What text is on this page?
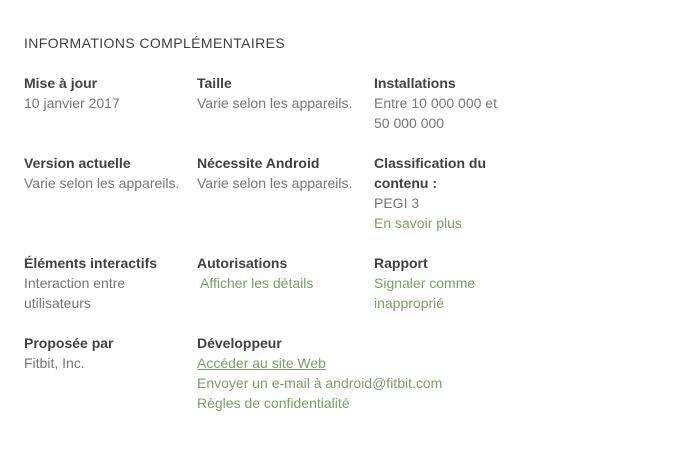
INFORMATIONS COMPLÉMENTAIRES
Mise à jour
10 janvier 2017
Taille
Varie selon les appareils.
Installations
Entre 10 000 000 et
50 000 000
Version actuelle
Varie selon les appareils.
Nécessite Android
Varie selon les appareils.
Classification du
contenu :
PEGI 3
En savoir plus
Éléments interactifs
Interaction entre
utilisateurs
Autorisations
Afficher les détails
Rapport
Signaler comme
inapproprié
Proposée par
Fitbit, Inc.
Développeur
Accéder au site Web
Envoyer un e-mail à android@fitbit.com
Règles de confidentialité
